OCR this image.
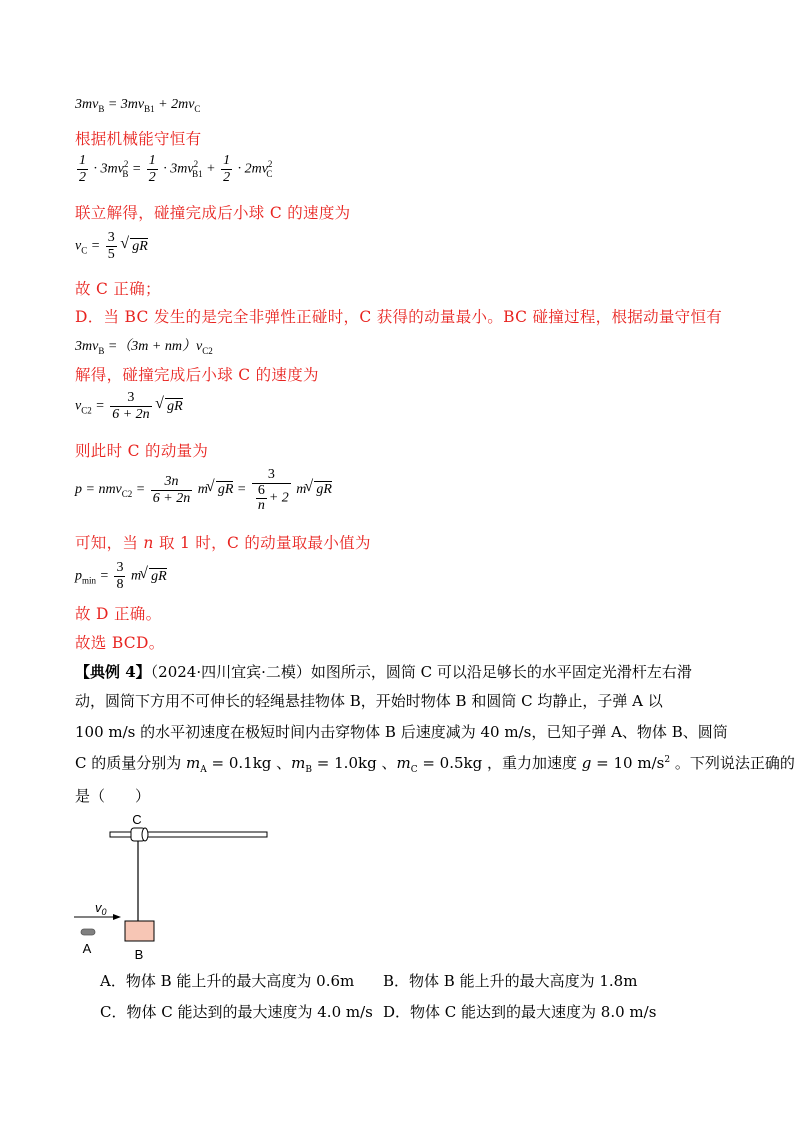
$3mv_B = 3mv_{B1} + 2mv_C$
根据机械能守恒有
$\frac{1}{2} \cdot 3mv^2_B = \frac{1}{2} \cdot 3mv^2_{B1} + \frac{1}{2} \cdot 2mv^2_C$
联立解得，碰撞完成后小球 C 的速度为
$v_C = \frac{3}{5}$
√ gR
故 C 正确；
D．当 BC 发生的是完全非弹性正碰时，C 获得的动量最小。BC 碰撞过程，根据动量守恒有
$3mv_B =(3m + nm)v_{C2}$
解得，碰撞完成后小球 C 的速度为
$v_{C2} = \frac{3}{6 + 2n}$
√ gR
则此时 C 的动量为
$p = nmv_{C2} = \frac{3n}{6 + 2n} m√$ gR = $\frac{3}{\frac{6}{n} + 2} m√$ gR
可知，当 n 取 1 时，C 的动量取最小值为
$p_{min} = \frac{3}{8} m√$ gR
故 D 正确。
故选 BCD。
【典例 4】（2024·四川宜宾·二模）如图所示，圆筒 C 可以沿足够长的水平固定光滑杆左右滑
动，圆筒下方用不可伸长的轻绳悬挂物体 B，开始时物体 B 和圆筒 C 均静止，子弹 A 以
100 m/s 的水平初速度在极短时间内击穿物体 B 后速度减为 40 m/s，已知子弹 A、物体 B、圆筒
C 的质量分别为 $m_A = 0.1kg$ 、$m_B = 1.0kg$ 、$m_C = 0.5kg$ ，重力加速度 g = 10 $m/s^2$ 。下列说法正确的
是（　　）
C
B
$v_0$
A
A．物体 B 能上升的最大高度为 0.6m B．物体 B 能上升的最大高度为 1.8m
C．物体 C 能达到的最大速度为 4.0 m/s D．物体 C 能达到的最大速度为 8.0 m/s
